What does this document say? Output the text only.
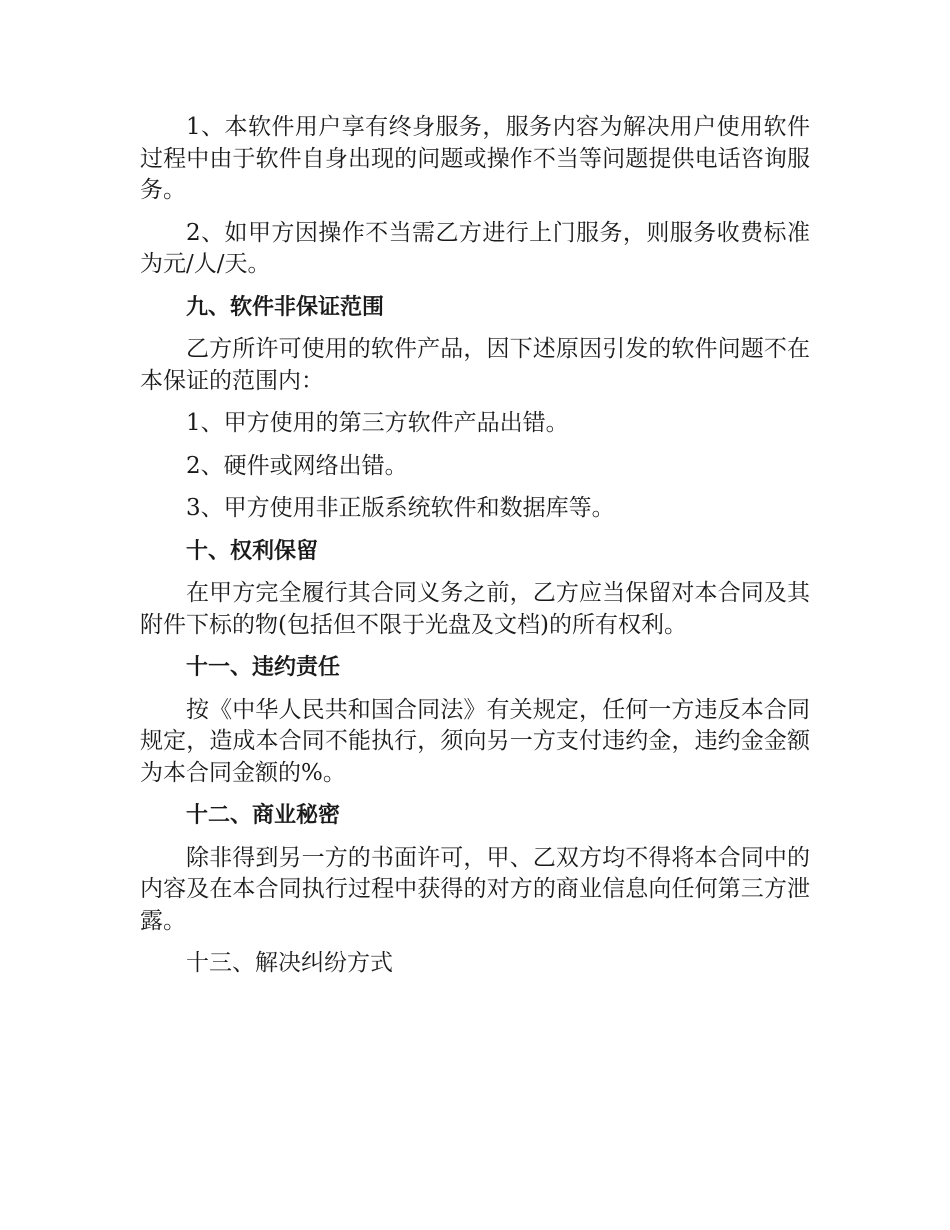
1、本软件用户享有终身服务，服务内容为解决用户使用软件过程中由于软件自身出现的问题或操作不当等问题提供电话咨询服务。

2、如甲方因操作不当需乙方进行上门服务，则服务收费标准为元/人/天。

九、软件非保证范围

乙方所许可使用的软件产品，因下述原因引发的软件问题不在本保证的范围内：

1、甲方使用的第三方软件产品出错。

2、硬件或网络出错。

3、甲方使用非正版系统软件和数据库等。

十、权利保留

在甲方完全履行其合同义务之前，乙方应当保留对本合同及其附件下标的物(包括但不限于光盘及文档)的所有权利。

十一、违约责任

按《中华人民共和国合同法》有关规定，任何一方违反本合同规定，造成本合同不能执行，须向另一方支付违约金，违约金金额为本合同金额的%。

十二、商业秘密

除非得到另一方的书面许可，甲、乙双方均不得将本合同中的内容及在本合同执行过程中获得的对方的商业信息向任何第三方泄露。

十三、解决纠纷方式
